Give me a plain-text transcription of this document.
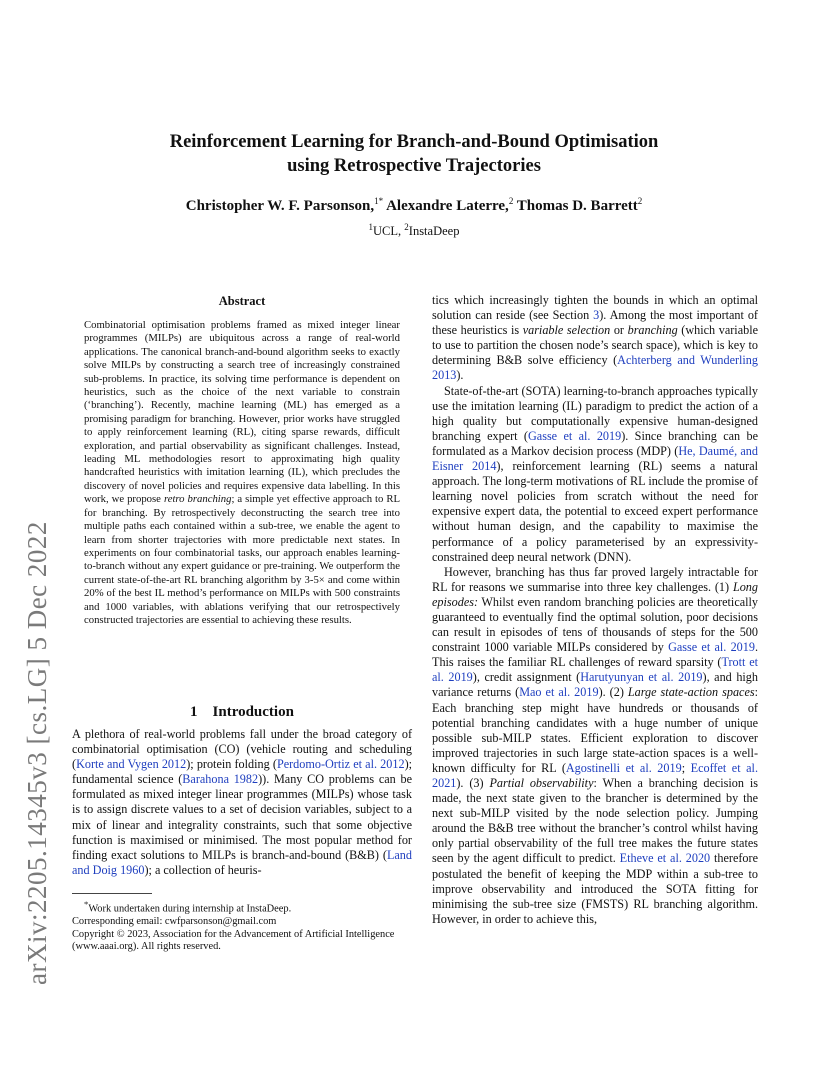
arXiv:2205.14345v3 [cs.LG] 5 Dec 2022
Reinforcement Learning for Branch-and-Bound Optimisation
using Retrospective Trajectories
Christopher W. F. Parsonson,$^{1*}$ Alexandre Laterre,$^2$ Thomas D. Barrett$^2$
$^1$UCL, $^2$InstaDeep
Abstract
Combinatorial optimisation problems framed as mixed integer linear programmes (MILPs) are ubiquitous across a range of real-world applications. The canonical branch-and-bound algorithm seeks to exactly solve MILPs by constructing a search tree of increasingly constrained sub-problems. In practice, its solving time performance is dependent on heuristics, such as the choice of the next variable to constrain (‘branching’). Recently, machine learning (ML) has emerged as a promising paradigm for branching. However, prior works have struggled to apply reinforcement learning (RL), citing sparse rewards, difficult exploration, and partial observability as significant challenges. Instead, leading ML methodologies resort to approximating high quality handcrafted heuristics with imitation learning (IL), which precludes the discovery of novel policies and requires expensive data labelling. In this work, we propose retro branching; a simple yet effective approach to RL for branching. By retrospectively deconstructing the search tree into multiple paths each contained within a sub-tree, we enable the agent to learn from shorter trajectories with more predictable next states. In experiments on four combinatorial tasks, our approach enables learning-to-branch without any expert guidance or pre-training. We outperform the current state-of-the-art RL branching algorithm by 3-5× and come within 20% of the best IL method’s performance on MILPs with 500 constraints and 1000 variables, with ablations verifying that our retrospectively constructed trajectories are essential to achieving these results.
1 Introduction
A plethora of real-world problems fall under the broad category of combinatorial optimisation (CO) (vehicle routing and scheduling (Korte and Vygen 2012); protein folding (Perdomo-Ortiz et al. 2012); fundamental science (Barahona 1982)). Many CO problems can be formulated as mixed integer linear programmes (MILPs) whose task is to assign discrete values to a set of decision variables, subject to a mix of linear and integrality constraints, such that some objective function is maximised or minimised. The most popular method for finding exact solutions to MILPs is branch-and-bound (B&B) (Land and Doig 1960); a collection of heuris-
*Work undertaken during internship at InstaDeep.
Corresponding email: cwfparsonson@gmail.com
Copyright © 2023, Association for the Advancement of Artificial Intelligence (www.aaai.org). All rights reserved.

tics which increasingly tighten the bounds in which an optimal solution can reside (see Section 3). Among the most important of these heuristics is variable selection or branching (which variable to use to partition the chosen node’s search space), which is key to determining B&B solve efficiency (Achterberg and Wunderling 2013).

State-of-the-art (SOTA) learning-to-branch approaches typically use the imitation learning (IL) paradigm to predict the action of a high quality but computationally expensive human-designed branching expert (Gasse et al. 2019). Since branching can be formulated as a Markov decision process (MDP) (He, Daumé, and Eisner 2014), reinforcement learning (RL) seems a natural approach. The long-term motivations of RL include the promise of learning novel policies from scratch without the need for expensive expert data, the potential to exceed expert performance without human design, and the capability to maximise the performance of a policy parameterised by an expressivity-constrained deep neural network (DNN).

However, branching has thus far proved largely intractable for RL for reasons we summarise into three key challenges. (1) Long episodes: Whilst even random branching policies are theoretically guaranteed to eventually find the optimal solution, poor decisions can result in episodes of tens of thousands of steps for the 500 constraint 1000 variable MILPs considered by Gasse et al. 2019. This raises the familiar RL challenges of reward sparsity (Trott et al. 2019), credit assignment (Harutyunyan et al. 2019), and high variance returns (Mao et al. 2019). (2) Large state-action spaces: Each branching step might have hundreds or thousands of potential branching candidates with a huge number of unique possible sub-MILP states. Efficient exploration to discover improved trajectories in such large state-action spaces is a well-known difficulty for RL (Agostinelli et al. 2019; Ecoffet et al. 2021). (3) Partial observability: When a branching decision is made, the next state given to the brancher is determined by the next sub-MILP visited by the node selection policy. Jumping around the B&B tree without the brancher’s control whilst having only partial observability of the full tree makes the future states seen by the agent difficult to predict. Etheve et al. 2020 therefore postulated the benefit of keeping the MDP within a sub-tree to improve observability and introduced the SOTA fitting for minimising the sub-tree size (FMSTS) RL branching algorithm. However, in order to achieve this,
